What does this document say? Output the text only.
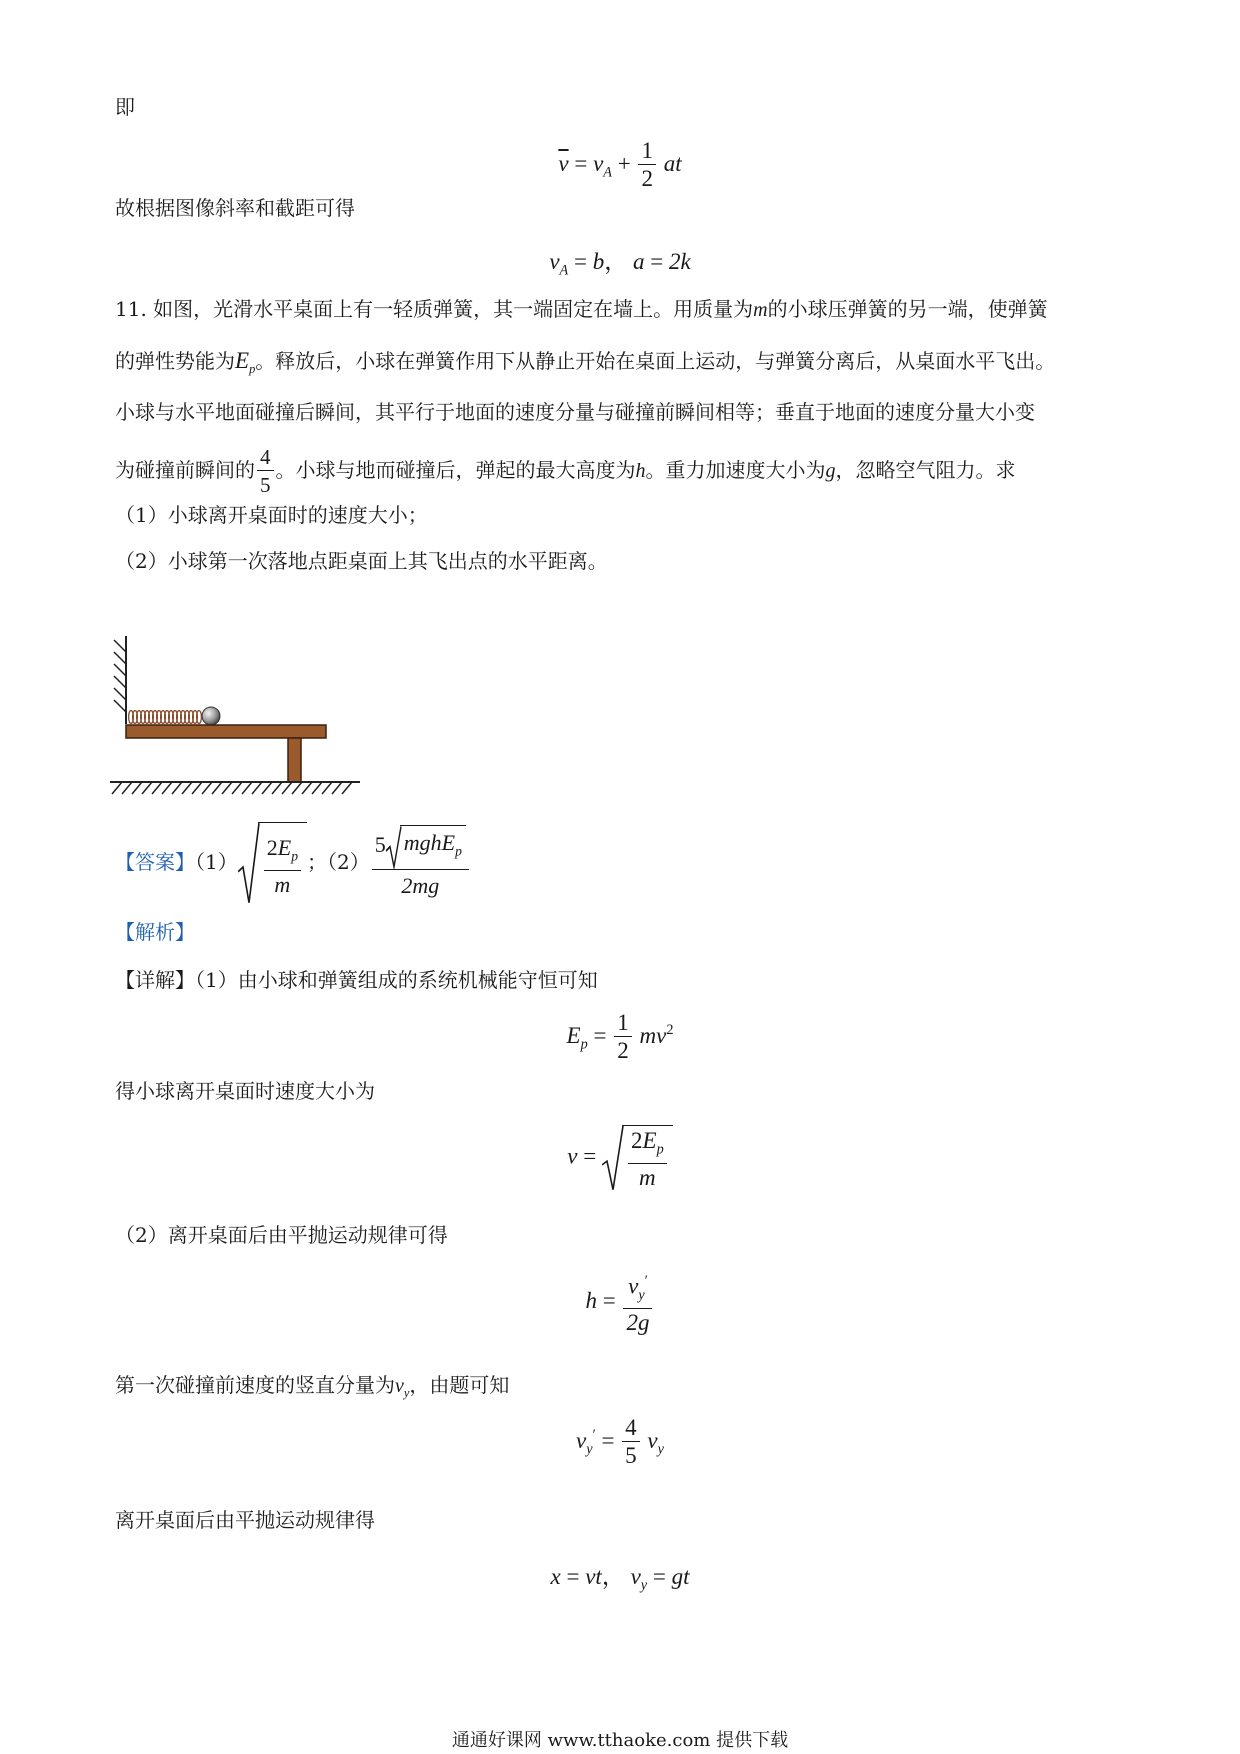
即
$\overline{v} = v_A + \frac{1}{2}$ at
故根据图像斜率和截距可得
$v_A = b$， a = 2k
11. 如图，光滑水平桌面上有一轻质弹簧，其一端固定在墙上。用质量为m的小球压弹簧的另一端，使弹簧
的弹性势能为$E_p$。释放后，小球在弹簧作用下从静止开始在桌面上运动，与弹簧分离后，从桌面水平飞出。
小球与水平地面碰撞后瞬间，其平行于地面的速度分量与碰撞前瞬间相等；垂直于地面的速度分量大小变
为碰撞前瞬间的 $\frac{4}{5}$ 。小球与地而碰撞后，弹起的最大高度为h。重力加速度大小为g，忽略空气阻力。求
（1）小球离开桌面时的速度大小；
（2）小球第一次落地点距桌面上其飞出点的水平距离。
【答案】$(1) \frac{2E_p}{m}$ ；$(2) \frac{5 mghE_p}{2mg}$
【解析】
【详解】（1）由小球和弹簧组成的系统机械能守恒可知
$E_p = \frac{1}{2} mv^2$
得小球离开桌面时速度大小为
$v = \frac{2E_p}{m}$
（2）离开桌面后由平抛运动规律可得
$h = \frac{v_y'}{2g}$
第一次碰撞前速度的竖直分量为$v_y$，由题可知
$v_y' = \frac{4}{5} v_y$
离开桌面后由平抛运动规律得
x = vt， $v_y$ = gt
通通好课网 www.tthaoke.com 提供下载
